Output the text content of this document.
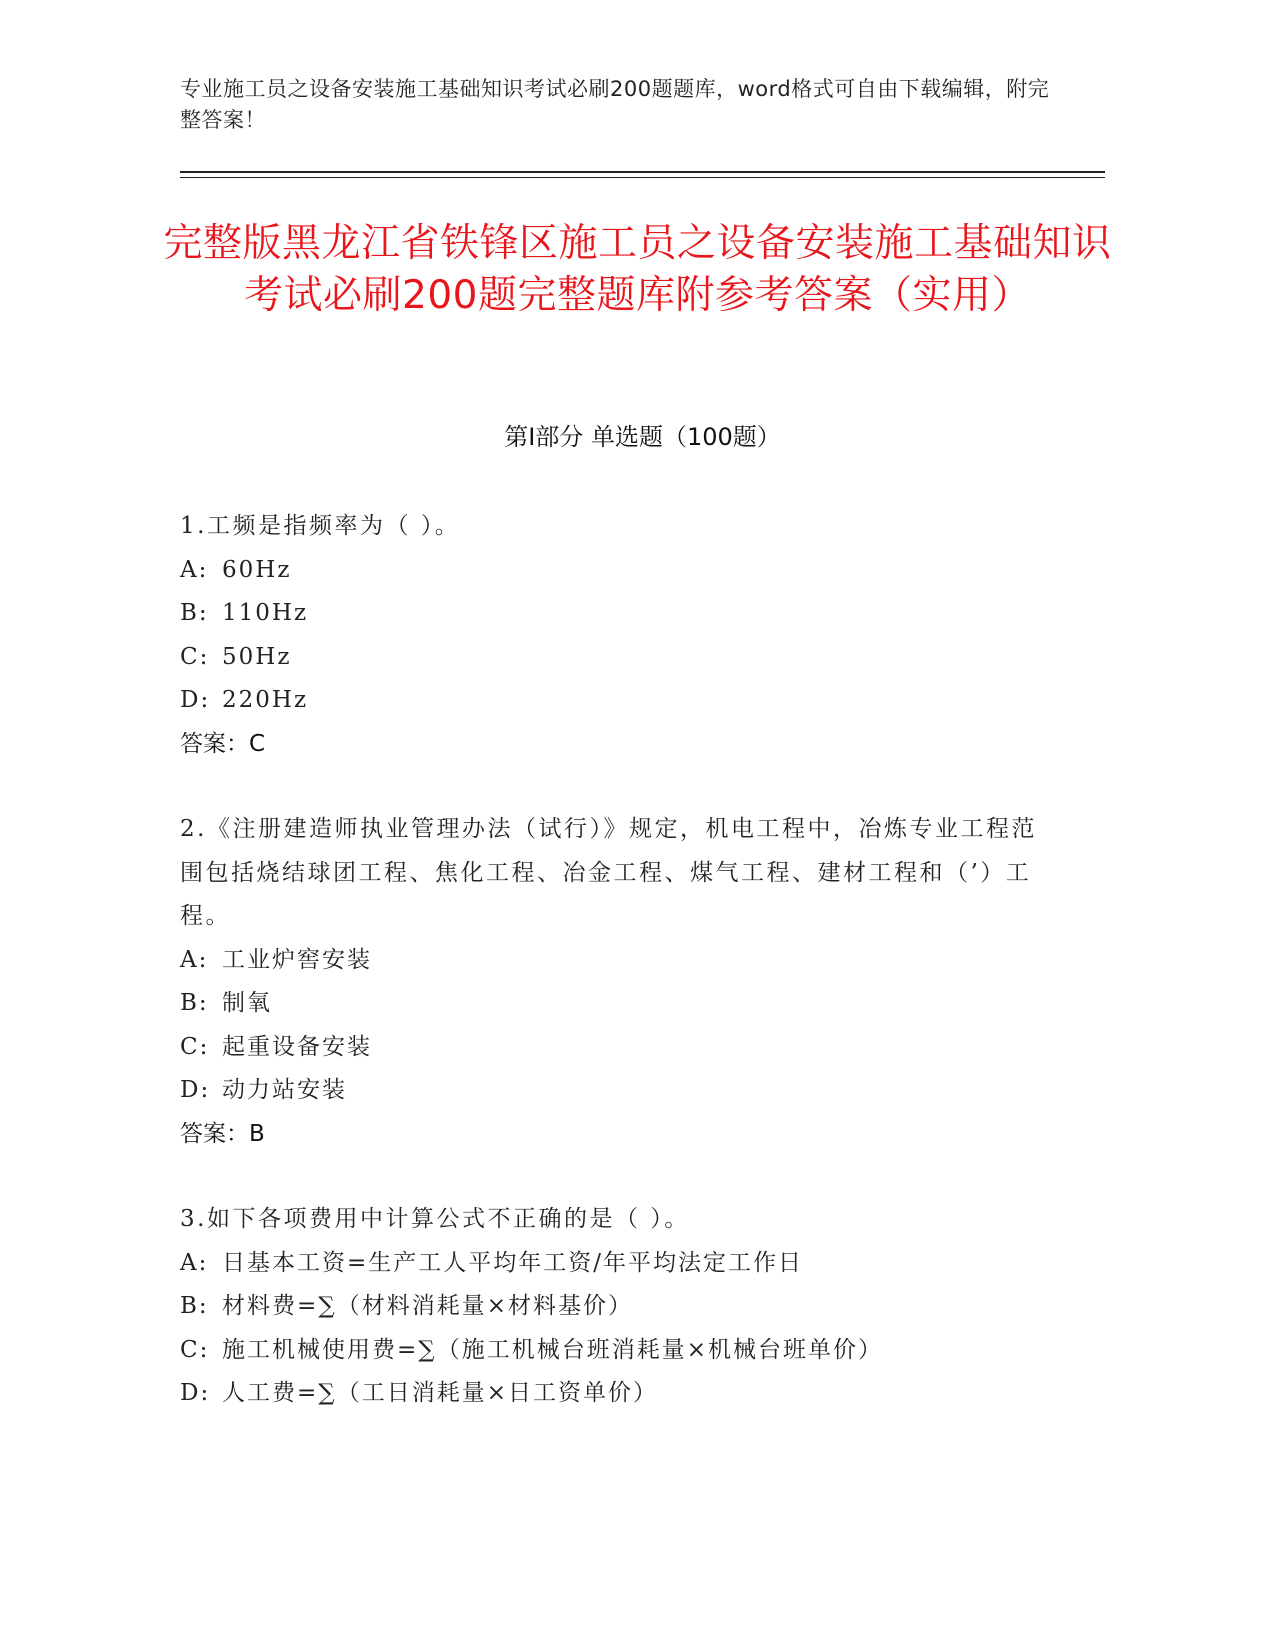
专业施工员之设备安装施工基础知识考试必刷200题题库，word格式可自由下载编辑，附完整答案！
完整版黑龙江省铁锋区施工员之设备安装施工基础知识考试必刷200题完整题库附参考答案（实用）
第I部分 单选题（100题）
1.工频是指频率为（ ）。
A: 60Hz
B: 110Hz
C: 50Hz
D: 220Hz
答案：C
2.《注册建造师执业管理办法（试行）》规定，机电工程中，冶炼专业工程范围包括烧结球团工程、焦化工程、冶金工程、煤气工程、建材工程和（’）工程。
A: 工业炉窖安装
B: 制氧
C: 起重设备安装
D: 动力站安装
答案：B
3.如下各项费用中计算公式不正确的是（ ）。
A: 日基本工资=生产工人平均年工资/年平均法定工作日
B: 材料费=∑（材料消耗量×材料基价）
C: 施工机械使用费=∑（施工机械台班消耗量×机械台班单价）
D: 人工费=∑（工日消耗量×日工资单价）
